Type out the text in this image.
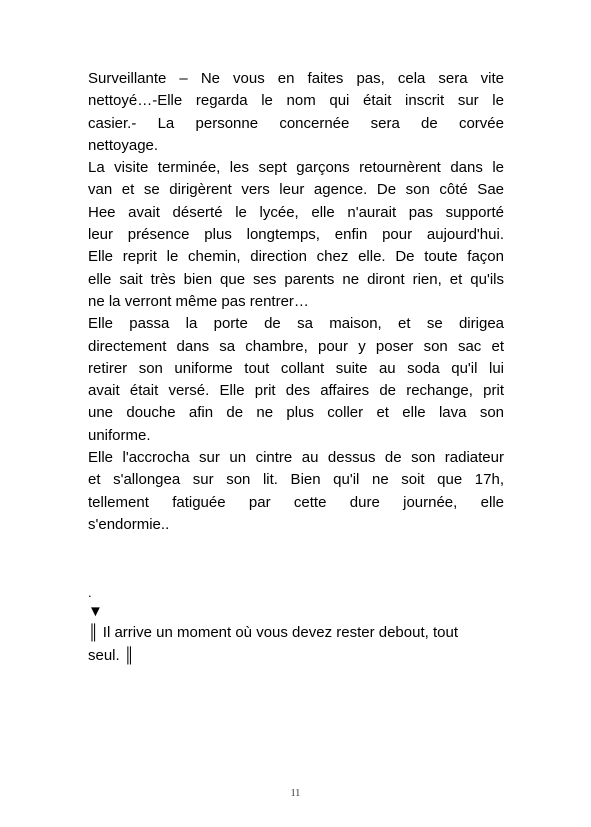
Surveillante – Ne vous en faites pas, cela sera vite
nettoyé…-Elle regarda le nom qui était inscrit sur le
casier.- La personne concernée sera de corvée
nettoyage.
La visite terminée, les sept garçons retournèrent dans le
van et se dirigèrent vers leur agence. De son côté Sae
Hee avait déserté le lycée, elle n'aurait pas supporté
leur présence plus longtemps, enfin pour aujourd'hui.
Elle reprit le chemin, direction chez elle. De toute façon
elle sait très bien que ses parents ne diront rien, et qu'ils
ne la verront même pas rentrer…
Elle passa la porte de sa maison, et se dirigea
directement dans sa chambre, pour y poser son sac et
retirer son uniforme tout collant suite au soda qu'il lui
avait était versé. Elle prit des affaires de rechange, prit
une douche afin de ne plus coller et elle lava son
uniforme.
Elle l'accrocha sur un cintre au dessus de son radiateur
et s'allongea sur son lit. Bien qu'il ne soit que 17h,
tellement fatiguée par cette dure journée, elle
s'endormie..
.
▼
║ Il arrive un moment où vous devez rester debout, tout
seul. ║
11
